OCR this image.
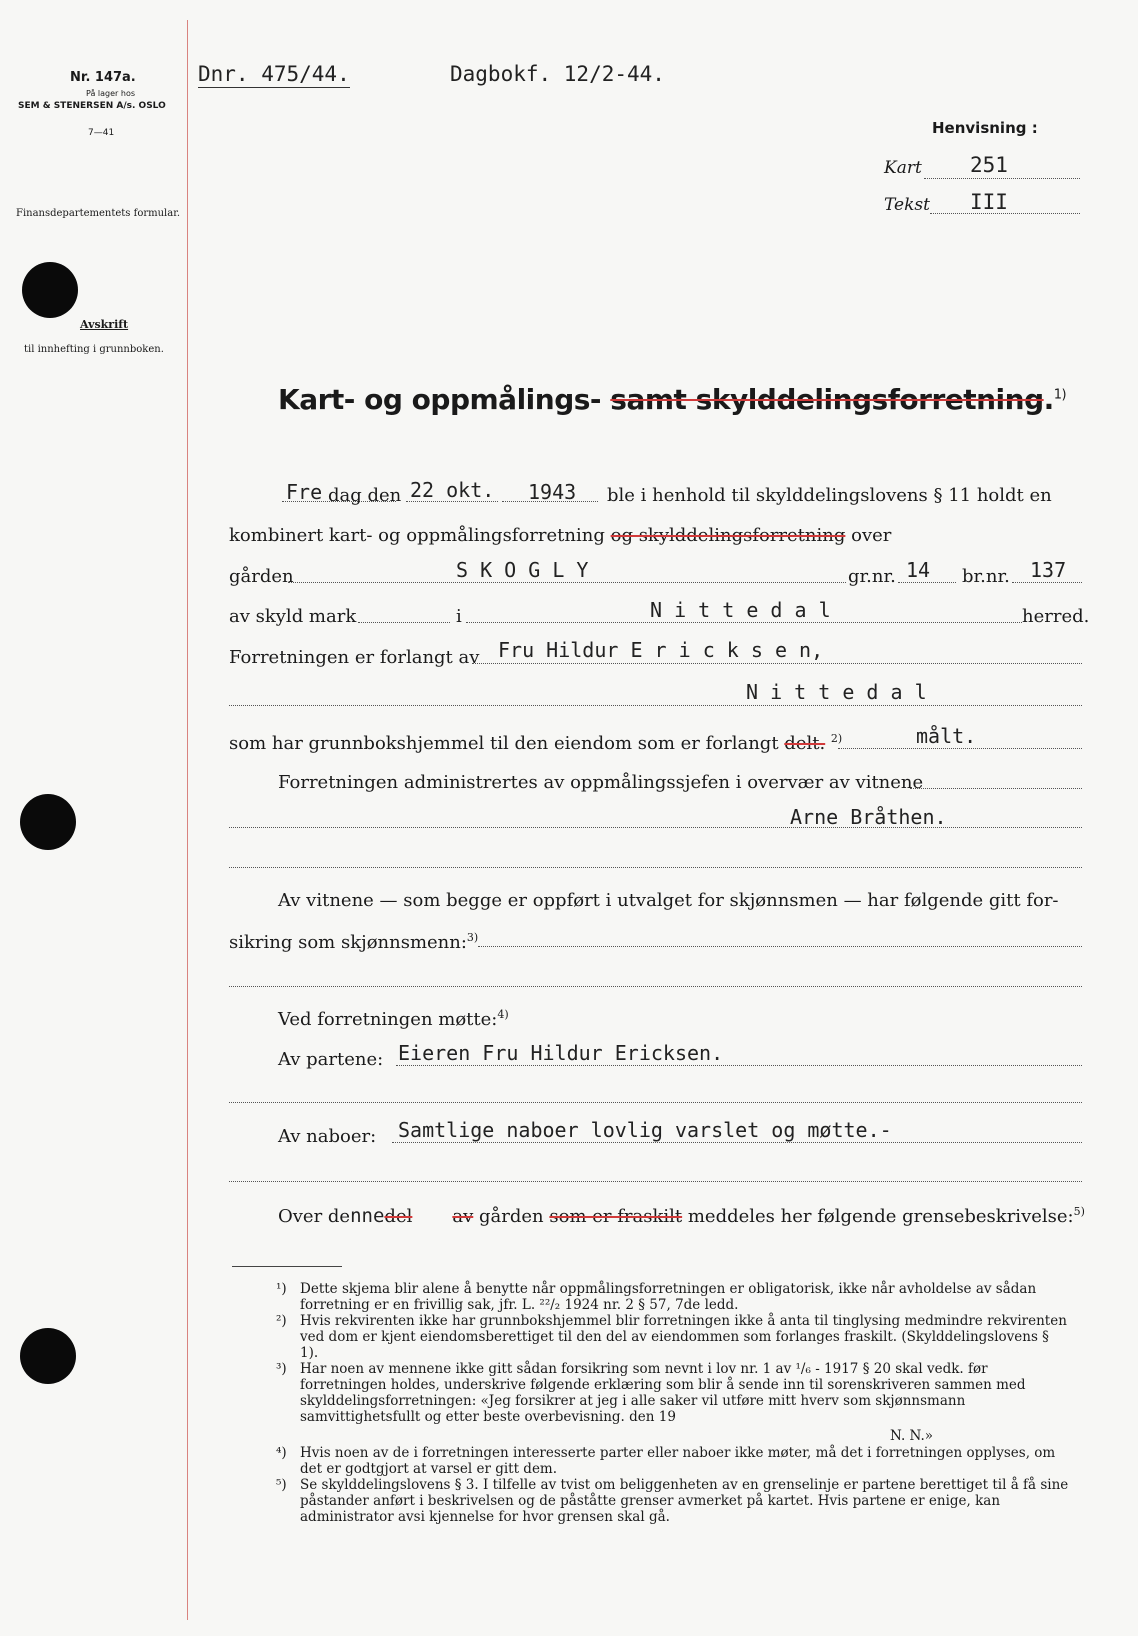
Nr. 147a.
På lager hos
SEM & STENERSEN A/s. OSLO
7—41
Finansdepartementets formular.
Avskrift
til innhefting i grunnboken.
Dnr. 475/44.	Dagbokf. 12/2-44.
Henvisning :
Kart 251
Tekst III
Kart- og oppmålings- samt skylddelingsforretning.$^{1)}$
Fre dag den 22 okt. 1943 ble i henhold til skylddelingslovens § 11 holdt en
kombinert kart- og oppmålingsforretning og skylddelingsforretning over
gården	S K O G L Y	gr.nr. 14 br.nr. 137
av skyld mark	i	N i t t e d a l	herred.
Forretningen er forlangt av Fru Hildur E r i c k s e n,
N i t t e d a l
som har grunnbokshjemmel til den eiendom som er forlangt delt. $^{2)}$	målt.
Forretningen administrertes av oppmålingssjefen i overvær av vitnene
Arne Bråthen.
Av vitnene — som begge er oppført i utvalget for skjønnsmen — har følgende gitt for-
sikring som skjønnsmenn:$^{3)}$
Ved forretningen møtte:$^{4)}$
Av partene: Eieren Fru Hildur Ericksen.
Av naboer: Samtlige naboer lovlig varslet og møtte.-
Over dennedel av gården som er fraskilt meddeles her følgende grensebeskrivelse:$^{5)}$
¹) Dette skjema blir alene å benytte når oppmålingsforretningen er obligatorisk, ikke når avholdelse av sådan forretning er en frivillig sak, jfr. L. ²²/₂ 1924 nr. 2 § 57, 7de ledd.
²) Hvis rekvirenten ikke har grunnbokshjemmel blir forretningen ikke å anta til tinglysing medmindre rekvirenten ved dom er kjent eiendomsberettiget til den del av eiendommen som forlanges fraskilt. (Skylddelingslovens § 1).
³) Har noen av mennene ikke gitt sådan forsikring som nevnt i lov nr. 1 av ¹/₆ - 1917 § 20 skal vedk. før forretningen holdes, underskrive følgende erklæring som blir å sende inn til sorenskriveren sammen med skylddelingsforretningen: «Jeg forsikrer at jeg i alle saker vil utføre mitt hverv som skjønnsmann samvittighetsfullt og etter beste overbevisning. den 19
N. N.»
⁴) Hvis noen av de i forretningen interesserte parter eller naboer ikke møter, må det i forretningen opplyses, om det er godtgjort at varsel er gitt dem.
⁵) Se skylddelingslovens § 3. I tilfelle av tvist om beliggenheten av en grenselinje er partene berettiget til å få sine påstander anført i beskrivelsen og de påståtte grenser avmerket på kartet. Hvis partene er enige, kan administrator avsi kjennelse for hvor grensen skal gå.
